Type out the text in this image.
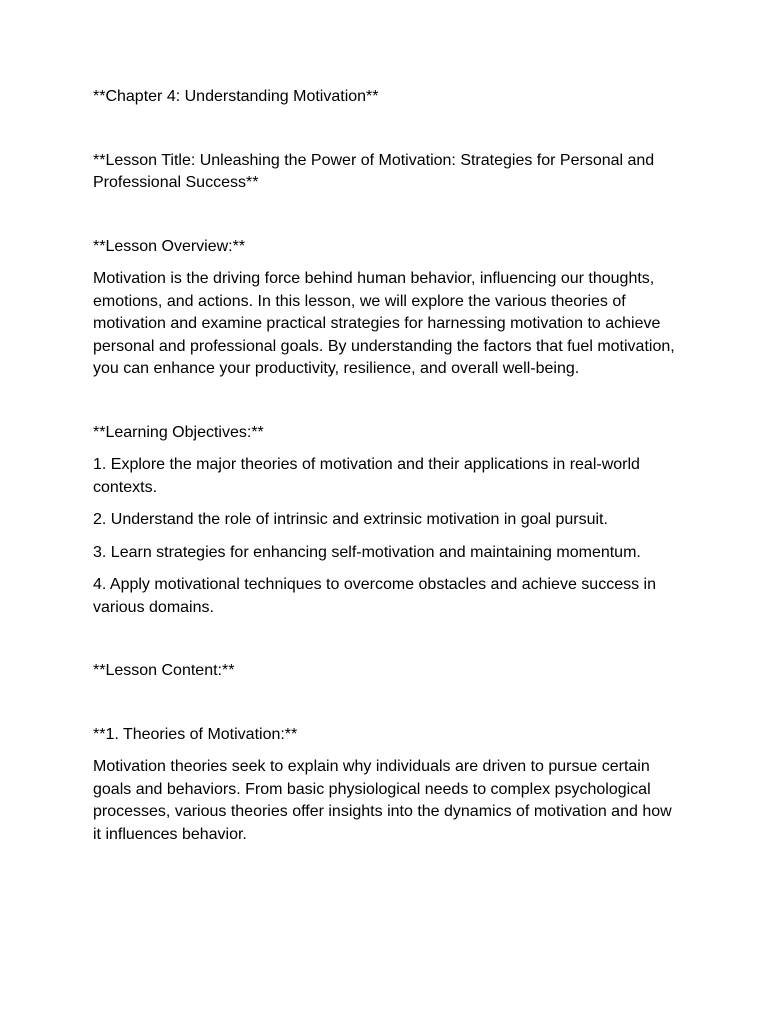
**Chapter 4: Understanding Motivation**

**Lesson Title: Unleashing the Power of Motivation: Strategies for Personal and Professional Success**

**Lesson Overview:**

Motivation is the driving force behind human behavior, influencing our thoughts, emotions, and actions. In this lesson, we will explore the various theories of motivation and examine practical strategies for harnessing motivation to achieve personal and professional goals. By understanding the factors that fuel motivation, you can enhance your productivity, resilience, and overall well-being.

**Learning Objectives:**

1. Explore the major theories of motivation and their applications in real-world contexts.

2. Understand the role of intrinsic and extrinsic motivation in goal pursuit.

3. Learn strategies for enhancing self-motivation and maintaining momentum.

4. Apply motivational techniques to overcome obstacles and achieve success in various domains.

**Lesson Content:**

**1. Theories of Motivation:**

Motivation theories seek to explain why individuals are driven to pursue certain goals and behaviors. From basic physiological needs to complex psychological processes, various theories offer insights into the dynamics of motivation and how it influences behavior.
